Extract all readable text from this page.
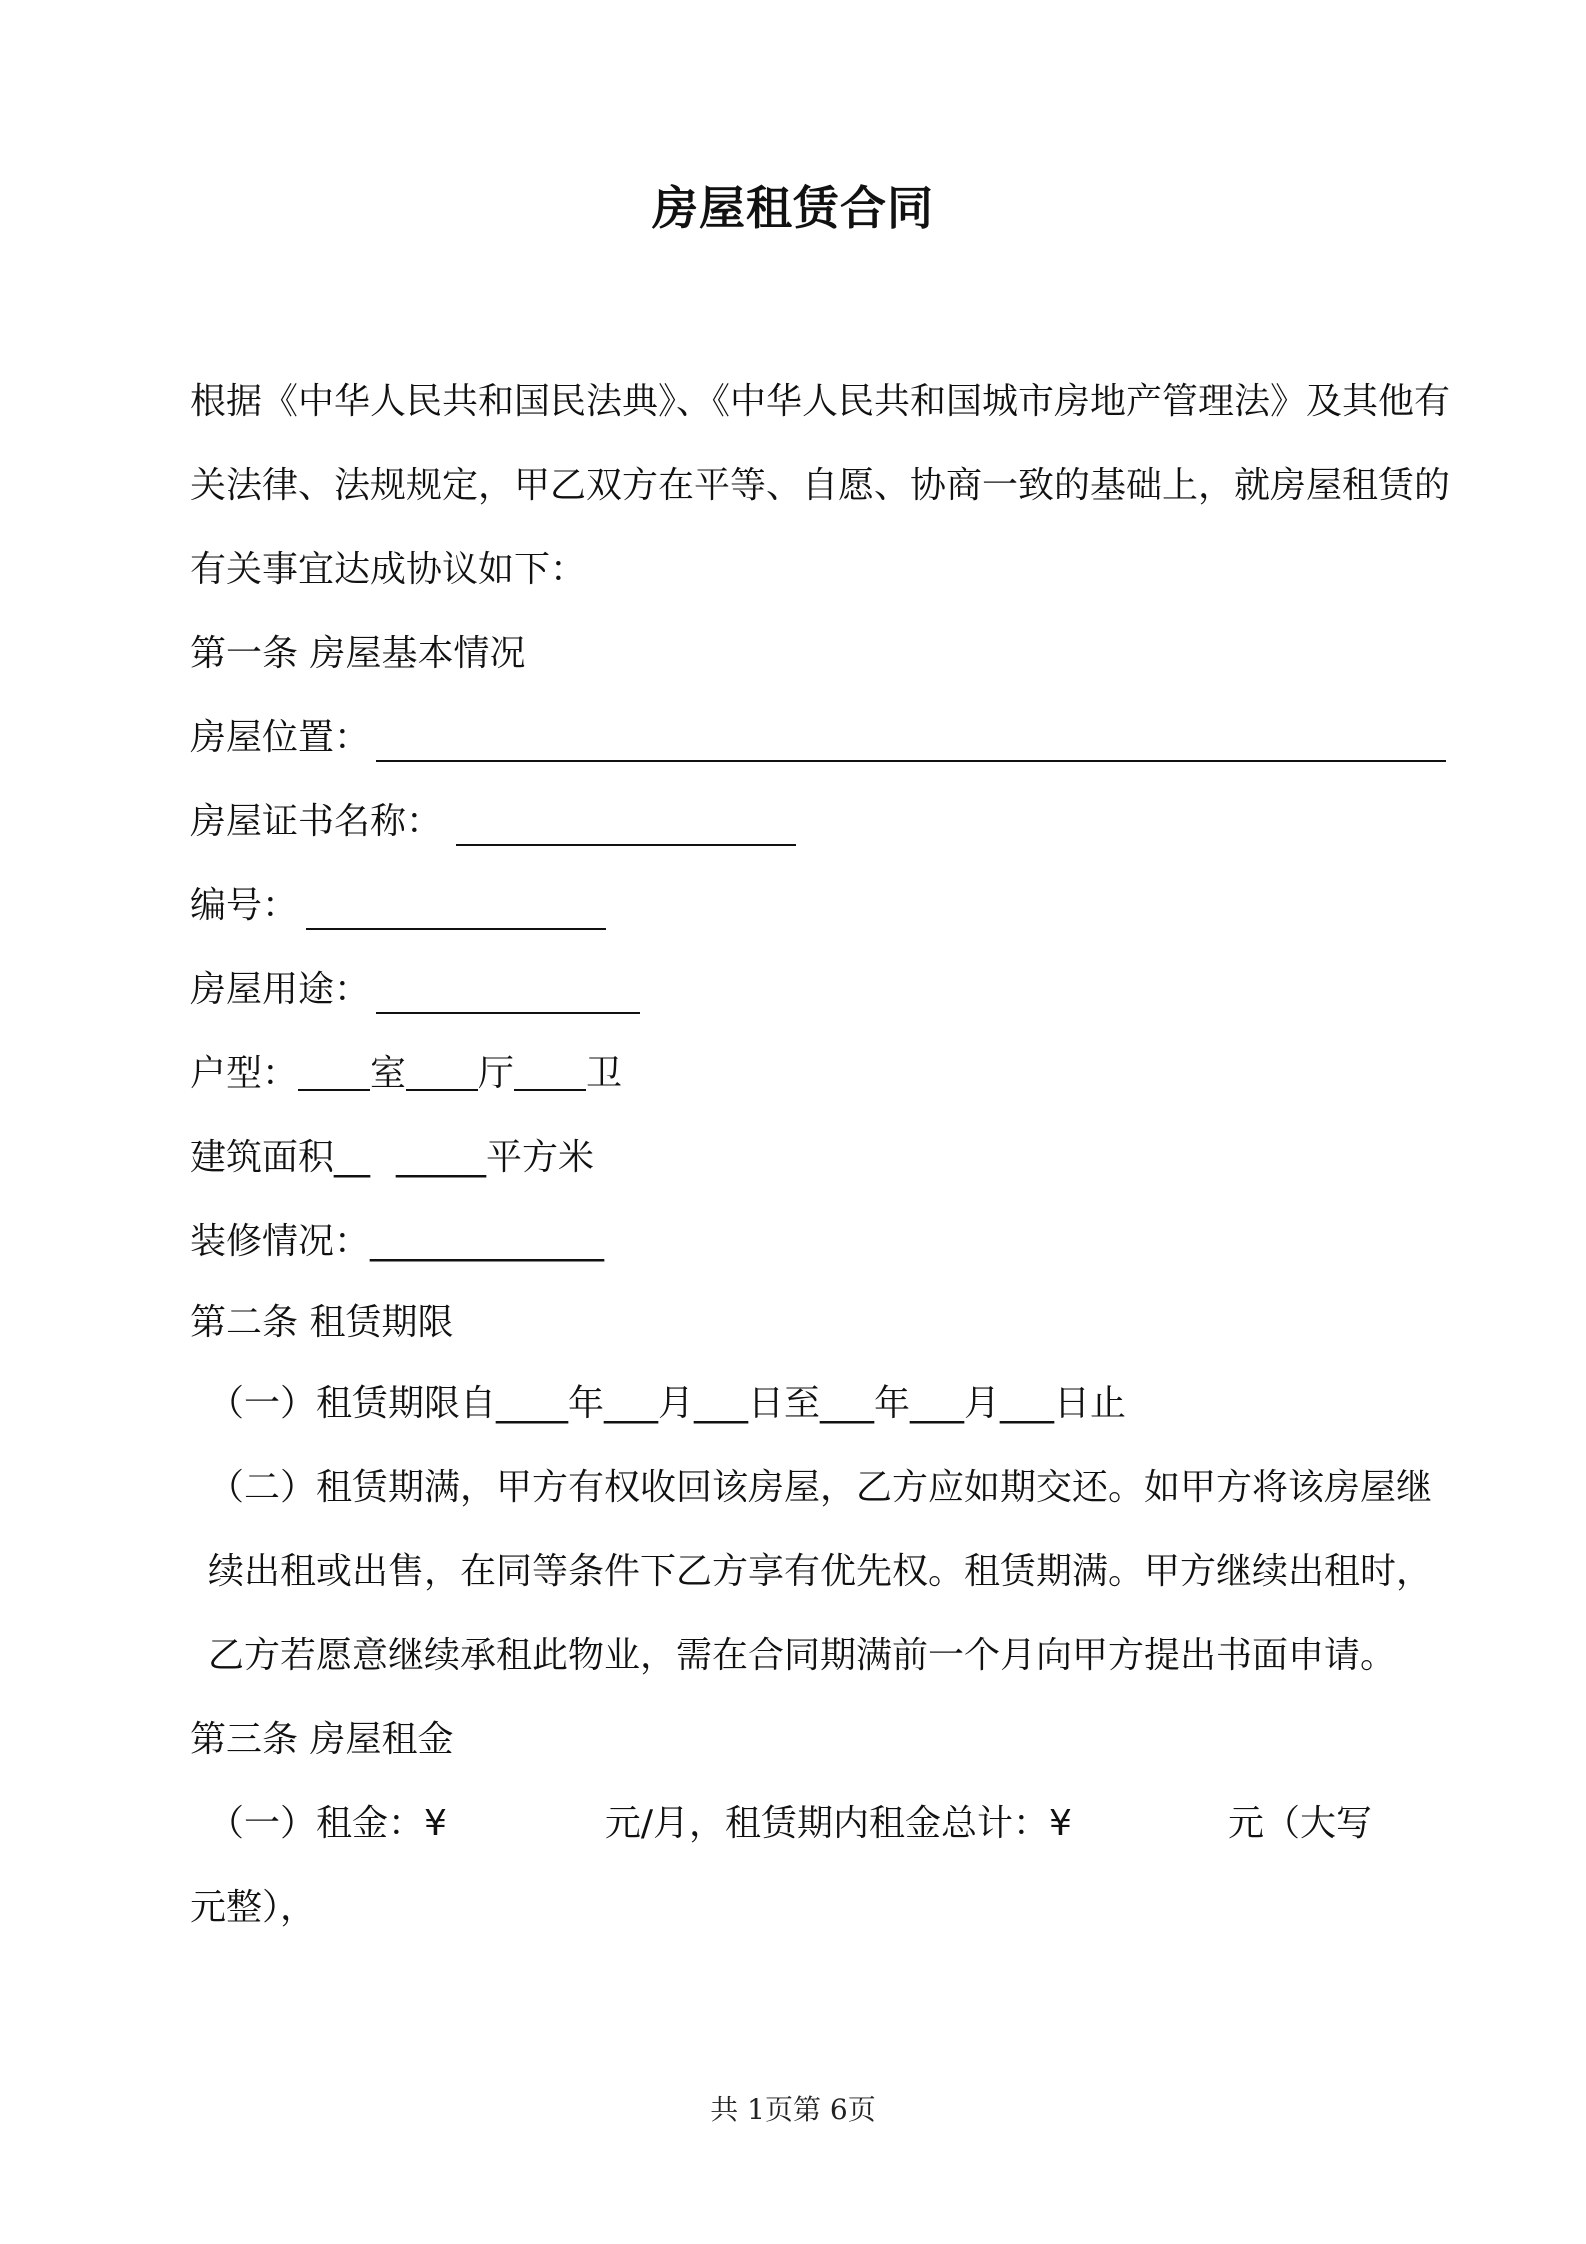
房屋租赁合同

根据《中华人民共和国民法典》、《中华人民共和国城市房地产管理法》及其他有关法律、法规规定，甲乙双方在平等、自愿、协商一致的基础上，就房屋租赁的有关事宜达成协议如下：

第一条 房屋基本情况
房屋位置：
房屋证书名称：
编号：
房屋用途：
户型： 室 厅 卫
建筑面积__ _____平方米
装修情况：_____________
第二条 租赁期限
（一）租赁期限自____年___月___日至___年___月___日止

（二）租赁期满，甲方有权收回该房屋，乙方应如期交还。如甲方将该房屋继续出租或出售，在同等条件下乙方享有优先权。租赁期满。甲方继续出租时，乙方若愿意继续承租此物业，需在合同期满前一个月向甲方提出书面申请。

第三条 房屋租金
（一）租金：¥	元/月，租赁期内租金总计：¥	元（大写
元整），
共 1页第 6页
